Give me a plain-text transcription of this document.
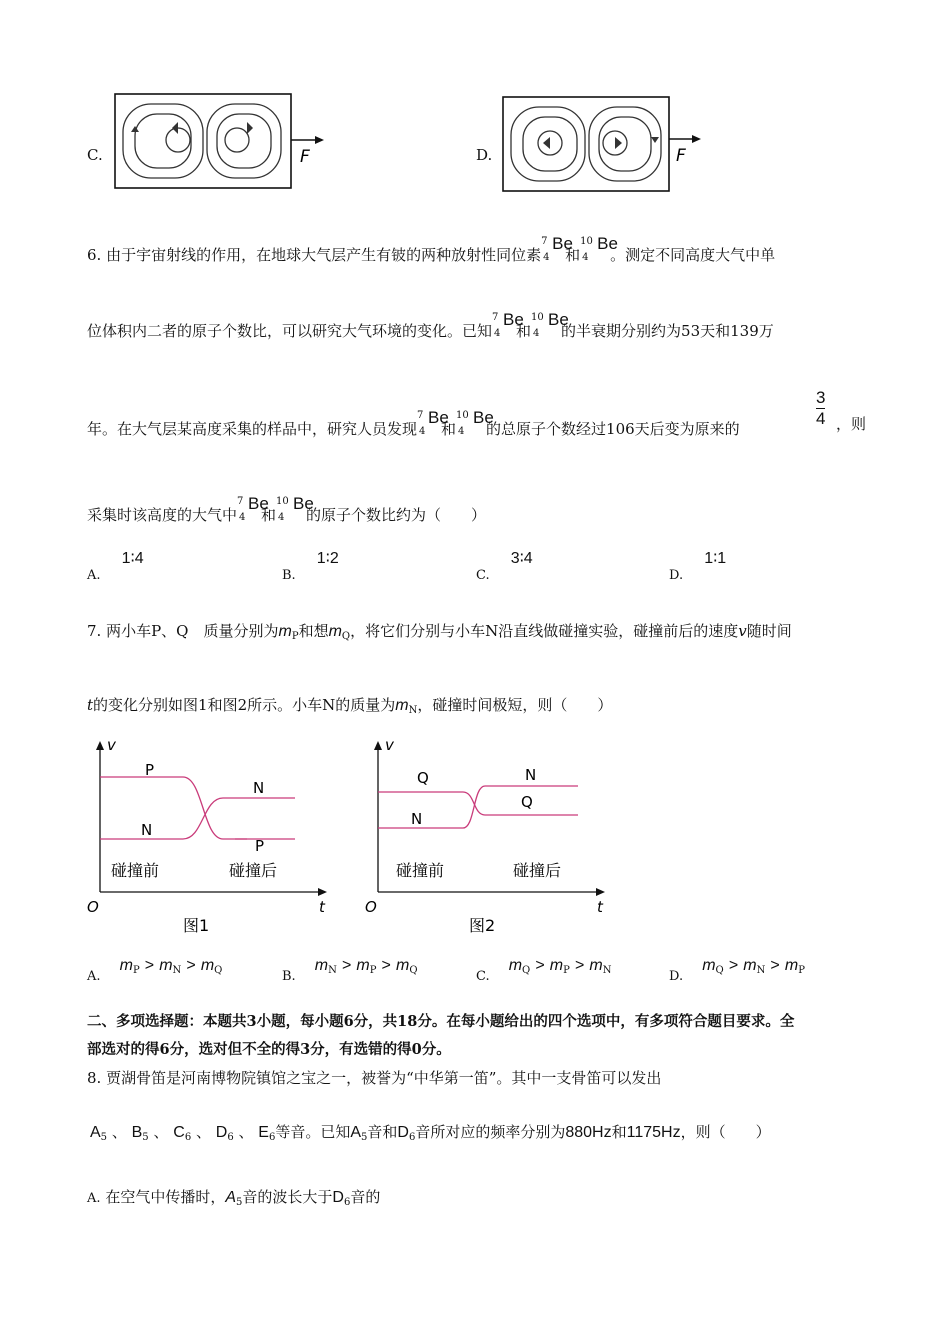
C.	F	D.	F
6. 由于宇宙射线的作用，在地球大气层产生有铍的两种放射性同位素
7
4
Be
和
10
4
Be
。测定不同高度大气中单
位体积内二者的原子个数比，可以研究大气环境的变化。已知
7
4
Be
和
10
4
Be
的半衰期分别约为53天和139万
年。在大气层某高度采集的样品中，研究人员发现
7
4
Be
和
10
4
Be
的总原子个数经过106天后变为原来的	$\frac{3}{4}$ ，则
采集时该高度的大气中
7
4
Be
和
10
4
Be
的原子个数比约为（　　）
$_{A.}$ 1∶4
$_{B.}$ 1∶2
$_{C.}$ 3∶4
$_{D.}$ 1∶1
7. 两小车P、Q　质量分别为$m_P$和想$m_Q$，将它们分别与小车N沿直线做碰撞实验，碰撞前后的速度v随时间
t的变化分别如图1和图2所示。小车N的质量为$m_N$，碰撞时间极短，则（　　）
v
t
O
P
N
N
P
碰撞前	碰撞后
图1
v
t
O
Q
N
N
Q
碰撞前	碰撞后
图2
$_{A.}$ $m_P > m_N > m_Q$	$_{B.}$ $m_N > m_P > m_Q$	$_{C.}$ $m_Q > m_P > m_N$	$_{D.}$ $m_Q > m_N > m_P$
二、多项选择题：本题共3小题，每小题6分，共18分。在每小题给出的四个选项中，有多项符合题目要求。全
部选对的得6分，选对但不全的得3分，有选错的得0分。
8. 贾湖骨笛是河南博物院镇馆之宝之一，被誉为“中华第一笛”。其中一支骨笛可以发出
$A_5$ 、 $B_5$ 、 $C_6$ 、 $D_6$ 、 $E_6$等音。已知$A_5$音和$D_6$音所对应的频率分别为880Hz和1175Hz，则（　　）
A. 在空气中传播时，$A_5$音的波长大于$D_6$音的
